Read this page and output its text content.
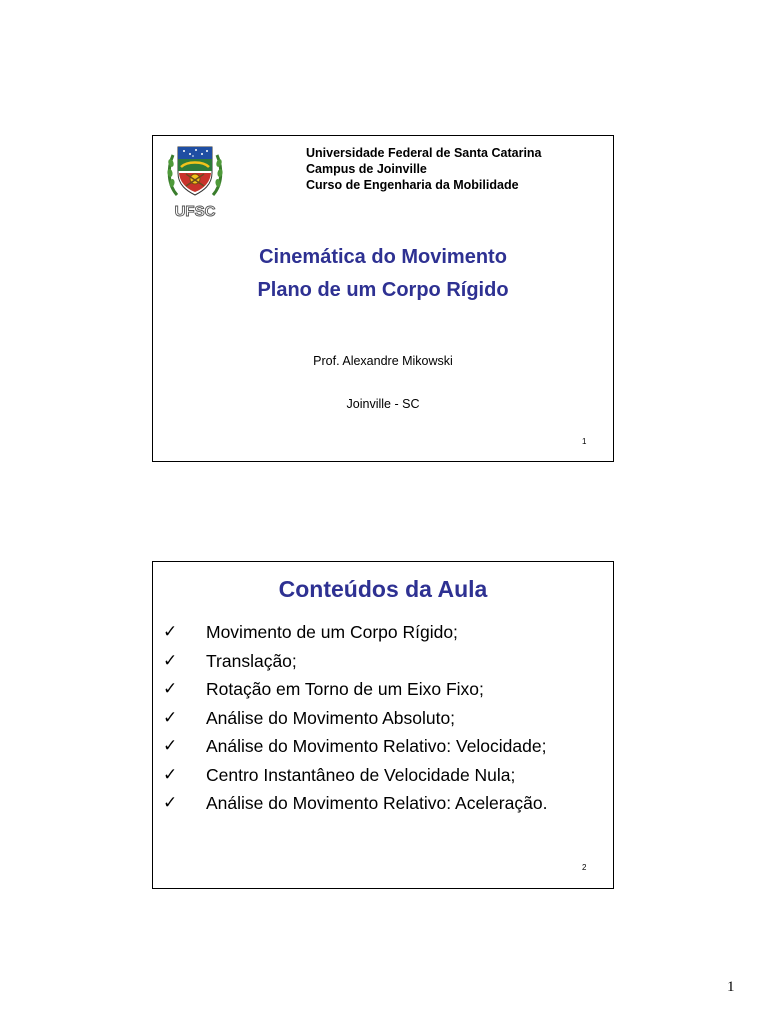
UFSC
Universidade Federal de Santa Catarina
Campus de Joinville
Curso de Engenharia da Mobilidade
Cinemática do Movimento
Plano de um Corpo Rígido
Prof. Alexandre Mikowski
Joinville - SC
1
Conteúdos da Aula
✓ Movimento de um Corpo Rígido;
✓ Translação;
✓ Rotação em Torno de um Eixo Fixo;
✓ Análise do Movimento Absoluto;
✓ Análise do Movimento Relativo: Velocidade;
✓ Centro Instantâneo de Velocidade Nula;
✓ Análise do Movimento Relativo: Aceleração.
2
1
